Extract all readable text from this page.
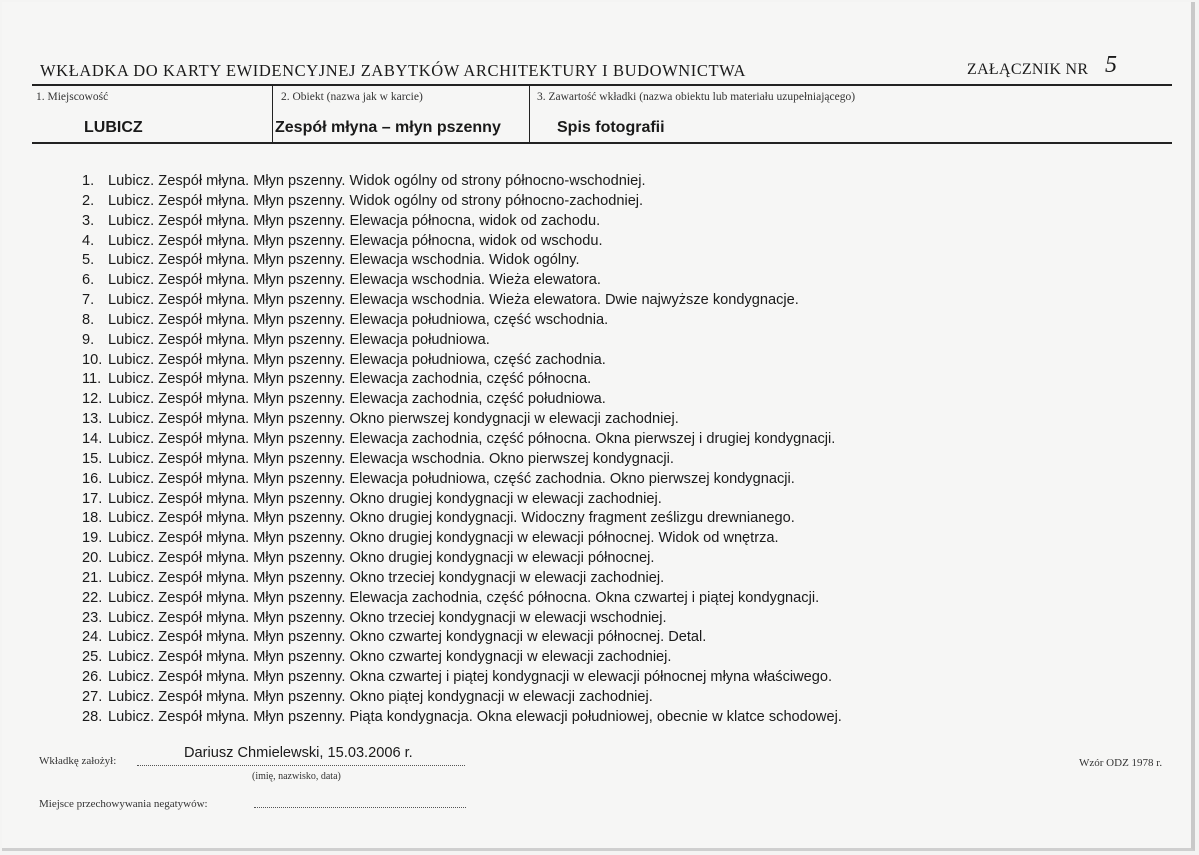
WKŁADKA DO KARTY EWIDENCYJNEJ ZABYTKÓW ARCHITEKTURY I BUDOWNICTWA	ZAŁĄCZNIK NR 5
1. Miejscowość
LUBICZ
2. Obiekt (nazwa jak w karcie)
Zespół młyna – młyn pszenny
3. Zawartość wkładki (nazwa obiektu lub materiału uzupełniającego)
Spis fotografii
1. Lubicz. Zespół młyna. Młyn pszenny. Widok ogólny od strony północno-wschodniej.
2. Lubicz. Zespół młyna. Młyn pszenny. Widok ogólny od strony północno-zachodniej.
3. Lubicz. Zespół młyna. Młyn pszenny. Elewacja północna, widok od zachodu.
4. Lubicz. Zespół młyna. Młyn pszenny. Elewacja północna, widok od wschodu.
5. Lubicz. Zespół młyna. Młyn pszenny. Elewacja wschodnia. Widok ogólny.
6. Lubicz. Zespół młyna. Młyn pszenny. Elewacja wschodnia. Wieża elewatora.
7. Lubicz. Zespół młyna. Młyn pszenny. Elewacja wschodnia. Wieża elewatora. Dwie najwyższe kondygnacje.
8. Lubicz. Zespół młyna. Młyn pszenny. Elewacja południowa, część wschodnia.
9. Lubicz. Zespół młyna. Młyn pszenny. Elewacja południowa.
10. Lubicz. Zespół młyna. Młyn pszenny. Elewacja południowa, część zachodnia.
11. Lubicz. Zespół młyna. Młyn pszenny. Elewacja zachodnia, część północna.
12. Lubicz. Zespół młyna. Młyn pszenny. Elewacja zachodnia, część południowa.
13. Lubicz. Zespół młyna. Młyn pszenny. Okno pierwszej kondygnacji w elewacji zachodniej.
14. Lubicz. Zespół młyna. Młyn pszenny. Elewacja zachodnia, część północna. Okna pierwszej i drugiej kondygnacji.
15. Lubicz. Zespół młyna. Młyn pszenny. Elewacja wschodnia. Okno pierwszej kondygnacji.
16. Lubicz. Zespół młyna. Młyn pszenny. Elewacja południowa, część zachodnia. Okno pierwszej kondygnacji.
17. Lubicz. Zespół młyna. Młyn pszenny. Okno drugiej kondygnacji w elewacji zachodniej.
18. Lubicz. Zespół młyna. Młyn pszenny. Okno drugiej kondygnacji. Widoczny fragment ześlizgu drewnianego.
19. Lubicz. Zespół młyna. Młyn pszenny. Okno drugiej kondygnacji w elewacji północnej. Widok od wnętrza.
20. Lubicz. Zespół młyna. Młyn pszenny. Okno drugiej kondygnacji w elewacji północnej.
21. Lubicz. Zespół młyna. Młyn pszenny. Okno trzeciej kondygnacji w elewacji zachodniej.
22. Lubicz. Zespół młyna. Młyn pszenny. Elewacja zachodnia, część północna. Okna czwartej i piątej kondygnacji.
23. Lubicz. Zespół młyna. Młyn pszenny. Okno trzeciej kondygnacji w elewacji wschodniej.
24. Lubicz. Zespół młyna. Młyn pszenny. Okno czwartej kondygnacji w elewacji północnej. Detal.
25. Lubicz. Zespół młyna. Młyn pszenny. Okno czwartej kondygnacji w elewacji zachodniej.
26. Lubicz. Zespół młyna. Młyn pszenny. Okna czwartej i piątej kondygnacji w elewacji północnej młyna właściwego.
27. Lubicz. Zespół młyna. Młyn pszenny. Okno piątej kondygnacji w elewacji zachodniej.
28. Lubicz. Zespół młyna. Młyn pszenny. Piąta kondygnacja. Okna elewacji południowej, obecnie w klatce schodowej.
Wkładkę założył:	Dariusz Chmielewski, 15.03.2006 r.
(imię, nazwisko, data)
Miejsce przechowywania negatywów:
Wzór ODZ 1978 r.
